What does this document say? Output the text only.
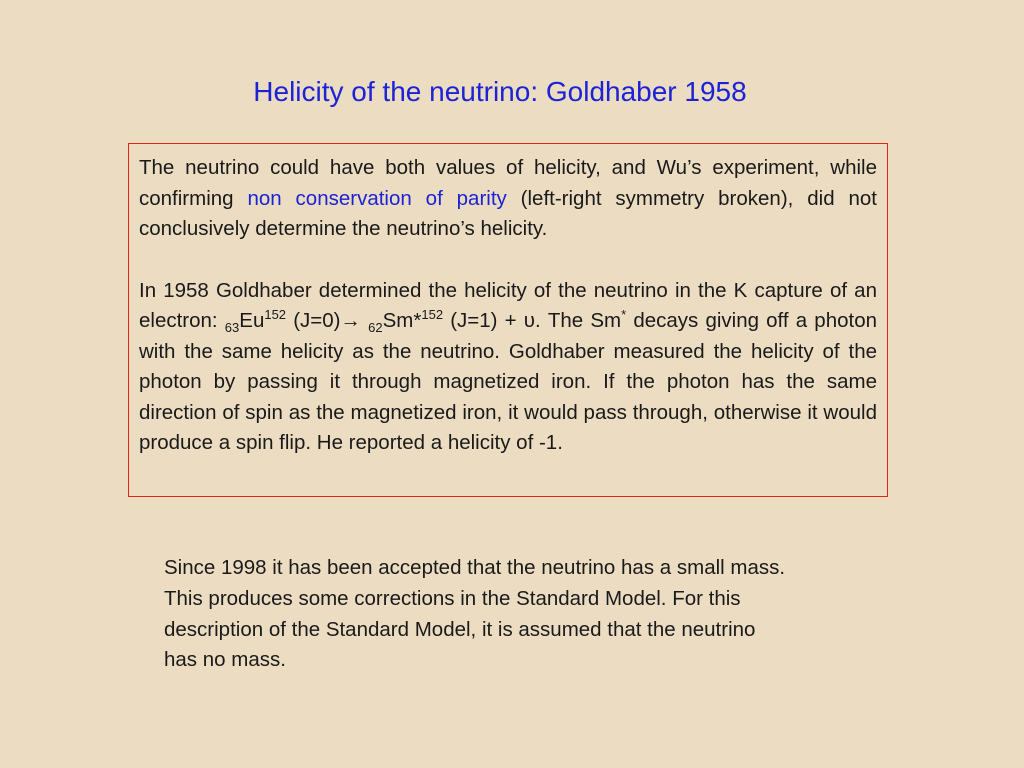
Helicity of the neutrino: Goldhaber 1958

The neutrino could have both values of helicity, and Wu’s experiment, while confirming non conservation of parity (left-right symmetry broken), did not conclusively determine the neutrino’s helicity.

In 1958 Goldhaber determined the helicity of the neutrino in the K capture of an electron: $_{63}Eu^{152}$ (J=0)→ $_{62}$Sm*$^{152}$ (J=1) + υ. The Sm* decays giving off a photon with the same helicity as the neutrino. Goldhaber measured the helicity of the photon by passing it through magnetized iron. If the photon has the same direction of spin as the magnetized iron, it would pass through, otherwise it would produce a spin flip. He reported a helicity of -1.

Since 1998 it has been accepted that the neutrino has a small mass.
This produces some corrections in the Standard Model. For this
description of the Standard Model, it is assumed that the neutrino
has no mass.
